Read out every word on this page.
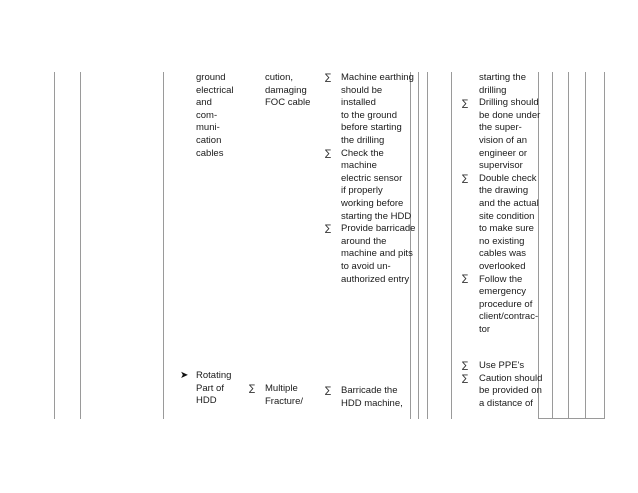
ground
electrical
and
com-
muni-
cation
cables
➤ Rotating
Part of
HDD
cution,
damaging
FOC cable
∑ Multiple
Fracture/
∑
∑
∑
Machine earthing
should be
installed
to the ground
before starting
the drilling
Check the
machine
electric sensor
if properly
working before
starting the HDD
Provide barricade
around the
machine and pits
to avoid un-
authorized entry
∑ Barricade the
HDD machine,
∑
∑
∑
starting the
drilling
Drilling should
be done under
the super-
vision of an
engineer or
supervisor
Double check
the drawing
and the actual
site condition
to make sure
no existing
cables was
overlooked
Follow the
emergency
procedure of
client/contrac-
tor
∑
∑
Use PPE's
Caution should
be provided on
a distance of
